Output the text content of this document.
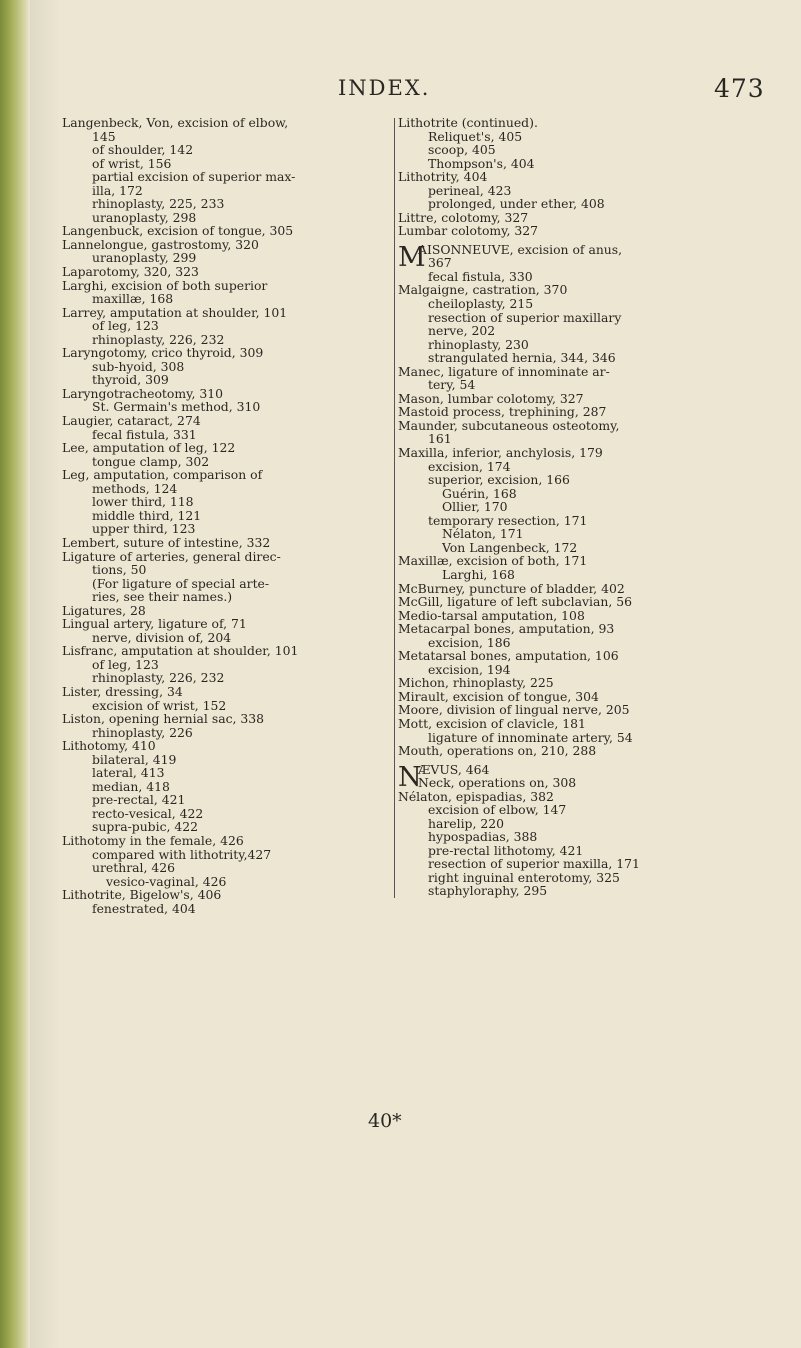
INDEX.	473
Langenbeck, Von, excision of elbow,
145
of shoulder, 142
of wrist, 156
partial excision of superior max-
illa, 172
rhinoplasty, 225, 233
uranoplasty, 298
Langenbuck, excision of tongue, 305
Lannelongue, gastrostomy, 320
uranoplasty, 299
Laparotomy, 320, 323
Larghi, excision of both superior
maxillæ, 168
Larrey, amputation at shoulder, 101
of leg, 123
rhinoplasty, 226, 232
Laryngotomy, crico thyroid, 309
sub-hyoid, 308
thyroid, 309
Laryngotracheotomy, 310
St. Germain's method, 310
Laugier, cataract, 274
fecal fistula, 331
Lee, amputation of leg, 122
tongue clamp, 302
Leg, amputation, comparison of
methods, 124
lower third, 118
middle third, 121
upper third, 123
Lembert, suture of intestine, 332
Ligature of arteries, general direc-
tions, 50
(For ligature of special arte-
ries, see their names.)
Ligatures, 28
Lingual artery, ligature of, 71
nerve, division of, 204
Lisfranc, amputation at shoulder, 101
of leg, 123
rhinoplasty, 226, 232
Lister, dressing, 34
excision of wrist, 152
Liston, opening hernial sac, 338
rhinoplasty, 226
Lithotomy, 410
bilateral, 419
lateral, 413
median, 418
pre-rectal, 421
recto-vesical, 422
supra-pubic, 422
Lithotomy in the female, 426
compared with lithotrity,427
urethral, 426
vesico-vaginal, 426
Lithotrite, Bigelow's, 406
fenestrated, 404
Lithotrite (continued).
Reliquet's, 405
scoop, 405
Thompson's, 404
Lithotrity, 404
perineal, 423
prolonged, under ether, 408
Littre, colotomy, 327
Lumbar colotomy, 327
M
AISONNEUVE, excision of anus,
367
fecal fistula, 330
Malgaigne, castration, 370
cheiloplasty, 215
resection of superior maxillary
nerve, 202
rhinoplasty, 230
strangulated hernia, 344, 346
Manec, ligature of innominate ar-
tery, 54
Mason, lumbar colotomy, 327
Mastoid process, trephining, 287
Maunder, subcutaneous osteotomy,
161
Maxilla, inferior, anchylosis, 179
excision, 174
superior, excision, 166
Guérin, 168
Ollier, 170
temporary resection, 171
Nélaton, 171
Von Langenbeck, 172
Maxillæ, excision of both, 171
Larghi, 168
McBurney, puncture of bladder, 402
McGill, ligature of left subclavian, 56
Medio-tarsal amputation, 108
Metacarpal bones, amputation, 93
excision, 186
Metatarsal bones, amputation, 106
excision, 194
Michon, rhinoplasty, 225
Mirault, excision of tongue, 304
Moore, division of lingual nerve, 205
Mott, excision of clavicle, 181
ligature of innominate artery, 54
Mouth, operations on, 210, 288
N
ÆVUS, 464
Neck, operations on, 308
Nélaton, epispadias, 382
excision of elbow, 147
harelip, 220
hypospadias, 388
pre-rectal lithotomy, 421
resection of superior maxilla, 171
right inguinal enterotomy, 325
staphyloraphy, 295
40*
